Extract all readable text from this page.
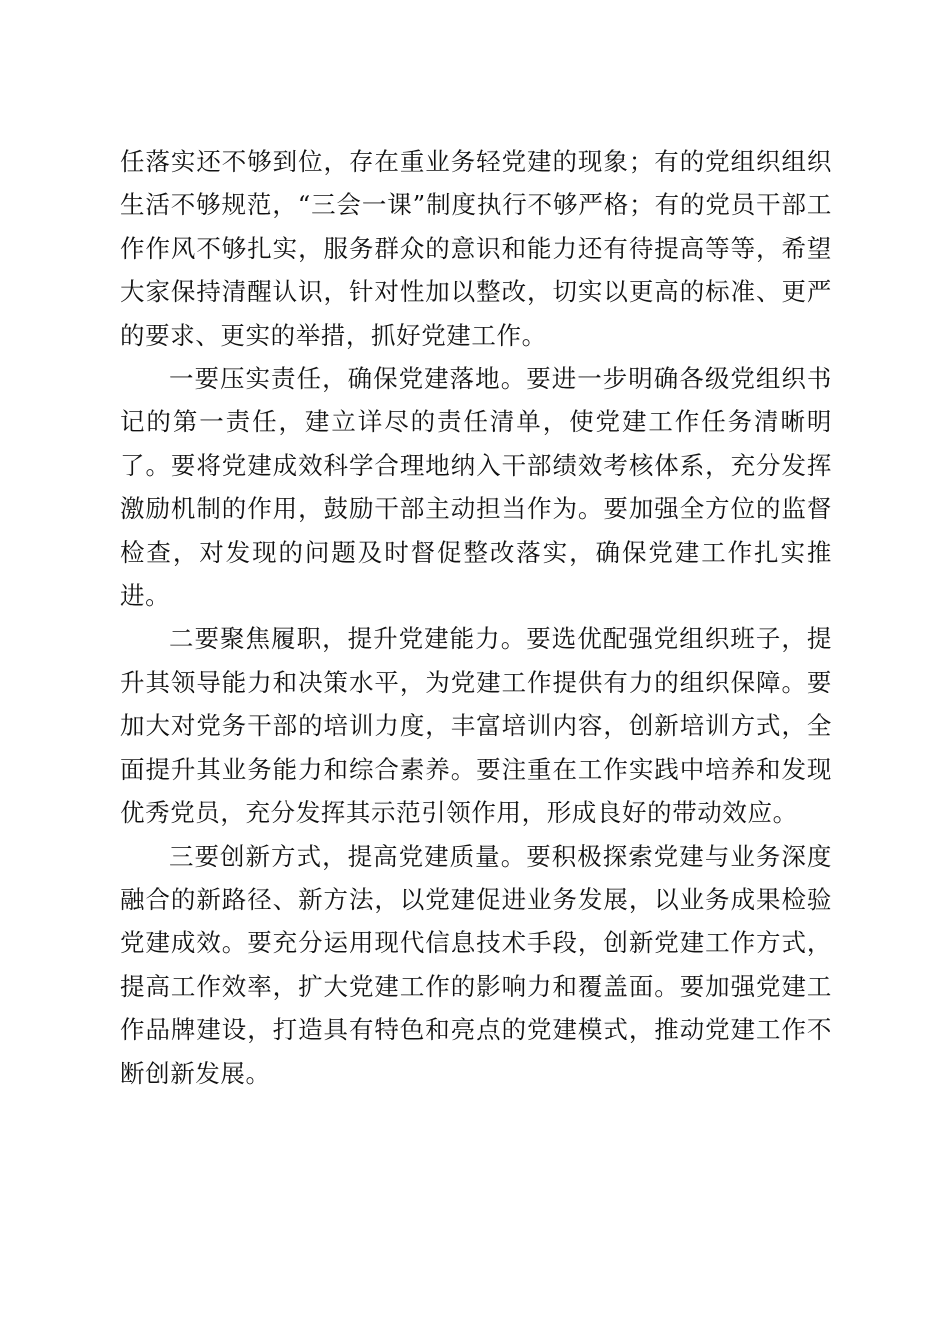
任落实还不够到位，存在重业务轻党建的现象；有的党组织组织生活不够规范，“三会一课”制度执行不够严格；有的党员干部工作作风不够扎实，服务群众的意识和能力还有待提高等等，希望大家保持清醒认识，针对性加以整改，切实以更高的标准、更严的要求、更实的举措，抓好党建工作。

一要压实责任，确保党建落地。要进一步明确各级党组织书记的第一责任，建立详尽的责任清单，使党建工作任务清晰明了。要将党建成效科学合理地纳入干部绩效考核体系，充分发挥激励机制的作用，鼓励干部主动担当作为。要加强全方位的监督检查，对发现的问题及时督促整改落实，确保党建工作扎实推进。

二要聚焦履职，提升党建能力。要选优配强党组织班子，提升其领导能力和决策水平，为党建工作提供有力的组织保障。要加大对党务干部的培训力度，丰富培训内容，创新培训方式，全面提升其业务能力和综合素养。要注重在工作实践中培养和发现优秀党员，充分发挥其示范引领作用，形成良好的带动效应。

三要创新方式，提高党建质量。要积极探索党建与业务深度融合的新路径、新方法，以党建促进业务发展，以业务成果检验党建成效。要充分运用现代信息技术手段，创新党建工作方式，提高工作效率，扩大党建工作的影响力和覆盖面。要加强党建工作品牌建设，打造具有特色和亮点的党建模式，推动党建工作不断创新发展。
